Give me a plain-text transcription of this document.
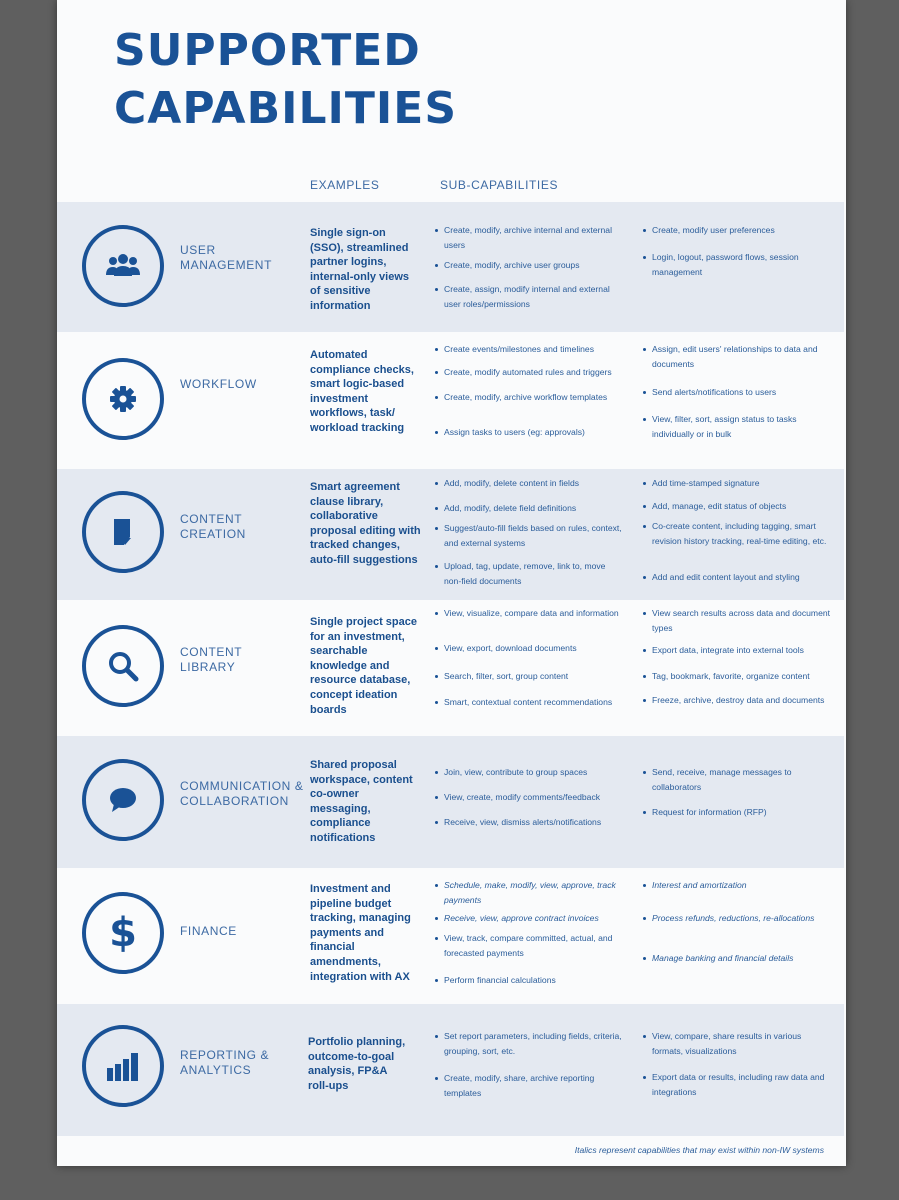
SUPPORTED
CAPABILITIES
EXAMPLES	SUB-CAPABILITIES
USER
MANAGEMENT
Single sign-on (SSO), streamlined partner logins, internal-only views of sensitive information
Create, modify, archive internal and external users
Create, modify, archive user groups
Create, assign, modify internal and external user roles/permissions
Create, modify user preferences
Login, logout, password flows, session management
WORKFLOW
Automated compliance checks, smart logic-based investment workflows, task/ workload tracking
Create events/milestones and timelines
Create, modify automated rules and triggers
Create, modify, archive workflow templates
Assign tasks to users (eg: approvals)
Assign, edit users' relationships to data and documents
Send alerts/notifications to users
View, filter, sort, assign status to tasks individually or in bulk
CONTENT
CREATION
Smart agreement clause library, collaborative proposal editing with tracked changes, auto-fill suggestions
Add, modify, delete content in fields
Add, modify, delete field definitions
Suggest/auto-fill fields based on rules, context, and external systems
Upload, tag, update, remove, link to, move non-field documents
Add time-stamped signature
Add, manage, edit status of objects
Co-create content, including tagging, smart revision history tracking, real-time editing, etc.
Add and edit content layout and styling
CONTENT
LIBRARY
Single project space for an investment, searchable knowledge and resource database, concept ideation boards
View, visualize, compare data and information
View, export, download documents
Search, filter, sort, group content
Smart, contextual content recommendations
View search results across data and document types
Export data, integrate into external tools
Tag, bookmark, favorite, organize content
Freeze, archive, destroy data and documents
COMMUNICATION &
COLLABORATION
Shared proposal workspace, content co-owner messaging, compliance notifications
Join, view, contribute to group spaces
View, create, modify comments/feedback
Receive, view, dismiss alerts/notifications
Send, receive, manage messages to collaborators
Request for information (RFP)
$	FINANCE
Investment and pipeline budget tracking, managing payments and financial amendments, integration with AX
Schedule, make, modify, view, approve, track payments
Receive, view, approve contract invoices
View, track, compare committed, actual, and forecasted payments
Perform financial calculations
Interest and amortization
Process refunds, reductions, re-allocations
Manage banking and financial details
REPORTING &
ANALYTICS
Portfolio planning, outcome-to-goal analysis, FP&A roll-ups
Set report parameters, including fields, criteria, grouping, sort, etc.
Create, modify, share, archive reporting templates
View, compare, share results in various formats, visualizations
Export data or results, including raw data and integrations
Italics represent capabilities that may exist within non-IW systems
